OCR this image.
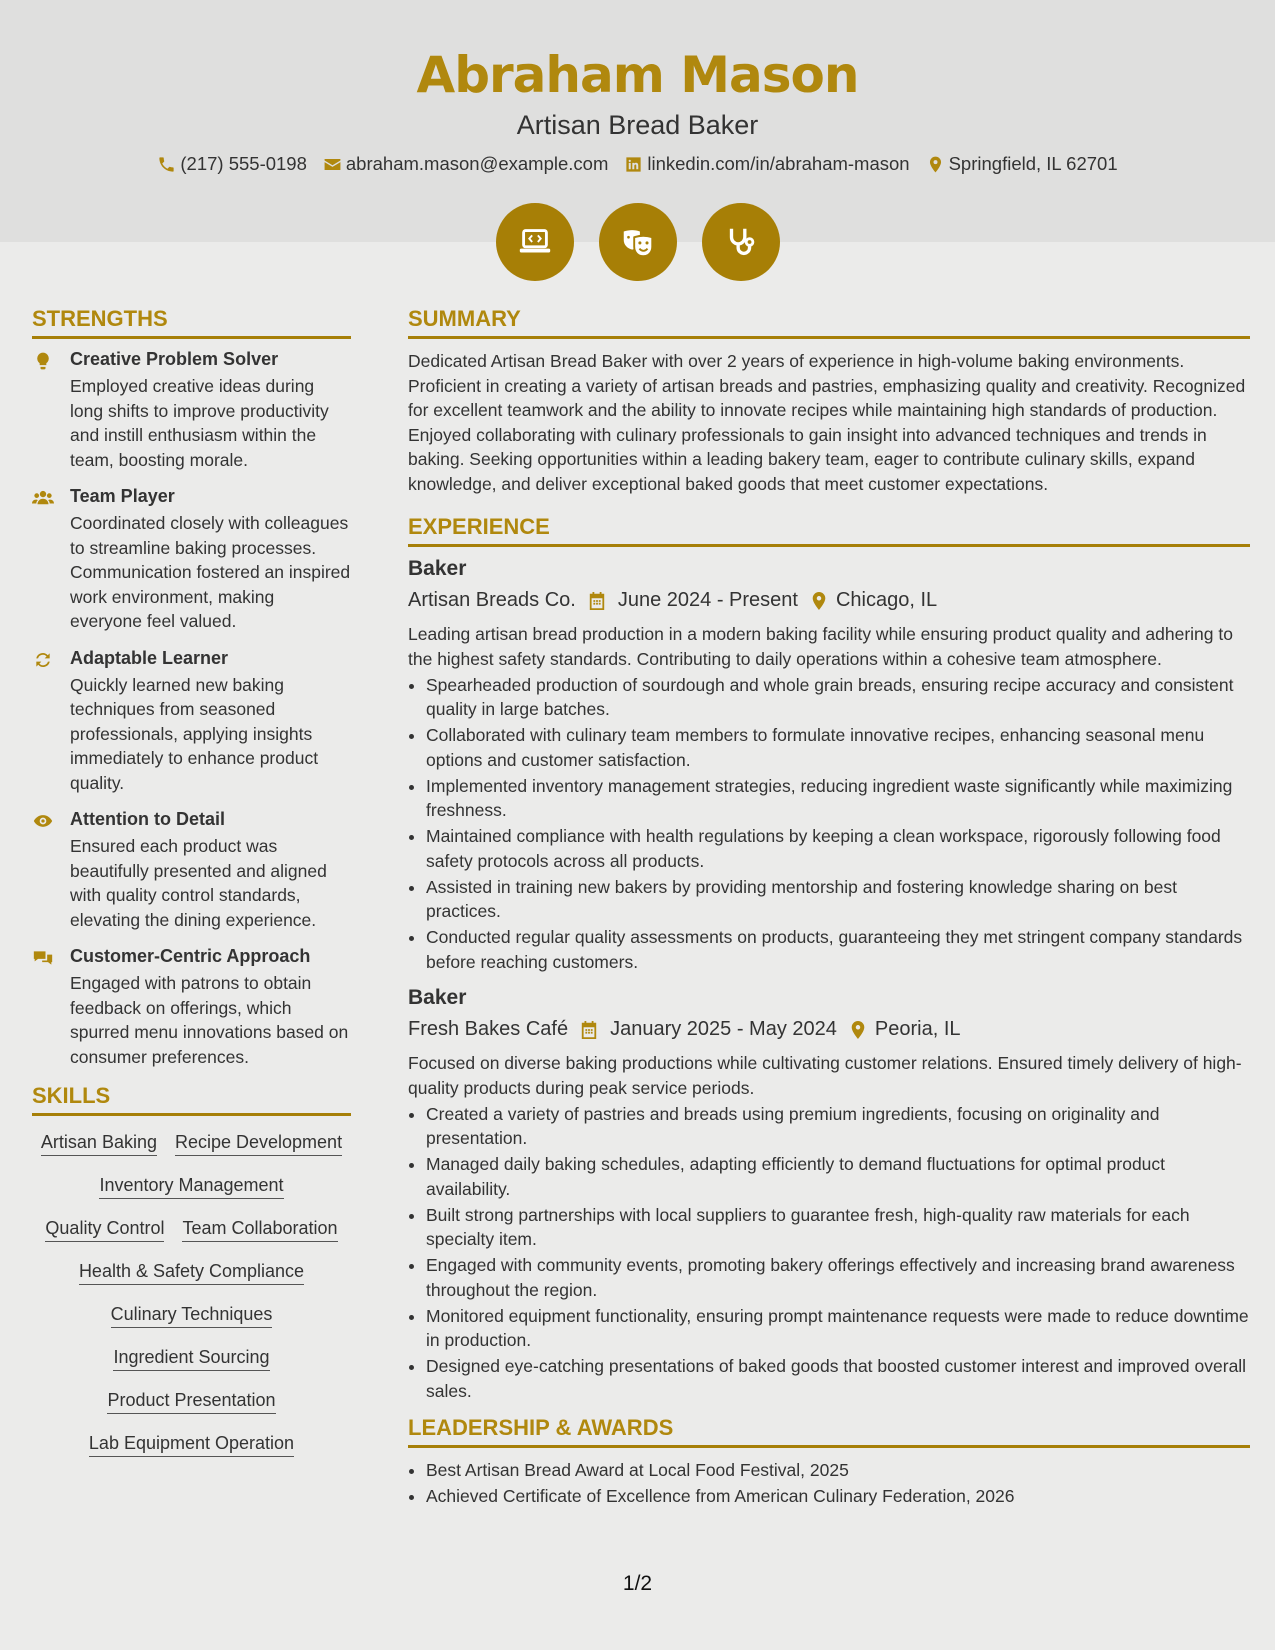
Abraham Mason
Artisan Bread Baker
(217) 555-0198 abraham.mason@example.com linkedin.com/in/abraham-mason Springfield, IL 62701
STRENGTHS
Creative Problem Solver
Employed creative ideas during long shifts to improve productivity and instill enthusiasm within the team, boosting morale.
Team Player
Coordinated closely with colleagues to streamline baking processes. Communication fostered an inspired work environment, making everyone feel valued.
Adaptable Learner
Quickly learned new baking techniques from seasoned professionals, applying insights immediately to enhance product quality.
Attention to Detail
Ensured each product was beautifully presented and aligned with quality control standards, elevating the dining experience.
Customer-Centric Approach
Engaged with patrons to obtain feedback on offerings, which spurred menu innovations based on consumer preferences.
SKILLS
Artisan Baking Recipe Development
Inventory Management
Quality Control Team Collaboration
Health & Safety Compliance
Culinary Techniques
Ingredient Sourcing
Product Presentation
Lab Equipment Operation
SUMMARY
Dedicated Artisan Bread Baker with over 2 years of experience in high-volume baking environments. Proficient in creating a variety of artisan breads and pastries, emphasizing quality and creativity. Recognized for excellent teamwork and the ability to innovate recipes while maintaining high standards of production. Enjoyed collaborating with culinary professionals to gain insight into advanced techniques and trends in baking. Seeking opportunities within a leading bakery team, eager to contribute culinary skills, expand knowledge, and deliver exceptional baked goods that meet customer expectations.
EXPERIENCE
Baker
Artisan Breads Co. June 2024 - Present Chicago, IL
Leading artisan bread production in a modern baking facility while ensuring product quality and adhering to the highest safety standards. Contributing to daily operations within a cohesive team atmosphere.
• Spearheaded production of sourdough and whole grain breads, ensuring recipe accuracy and consistent quality in large batches.
• Collaborated with culinary team members to formulate innovative recipes, enhancing seasonal menu options and customer satisfaction.
• Implemented inventory management strategies, reducing ingredient waste significantly while maximizing freshness.
• Maintained compliance with health regulations by keeping a clean workspace, rigorously following food safety protocols across all products.
• Assisted in training new bakers by providing mentorship and fostering knowledge sharing on best practices.
• Conducted regular quality assessments on products, guaranteeing they met stringent company standards before reaching customers.
Baker
Fresh Bakes Café January 2025 - May 2024 Peoria, IL
Focused on diverse baking productions while cultivating customer relations. Ensured timely delivery of high-quality products during peak service periods.
• Created a variety of pastries and breads using premium ingredients, focusing on originality and presentation.
• Managed daily baking schedules, adapting efficiently to demand fluctuations for optimal product availability.
• Built strong partnerships with local suppliers to guarantee fresh, high-quality raw materials for each specialty item.
• Engaged with community events, promoting bakery offerings effectively and increasing brand awareness throughout the region.
• Monitored equipment functionality, ensuring prompt maintenance requests were made to reduce downtime in production.
• Designed eye-catching presentations of baked goods that boosted customer interest and improved overall sales.
LEADERSHIP & AWARDS
• Best Artisan Bread Award at Local Food Festival, 2025
• Achieved Certificate of Excellence from American Culinary Federation, 2026
1/2
